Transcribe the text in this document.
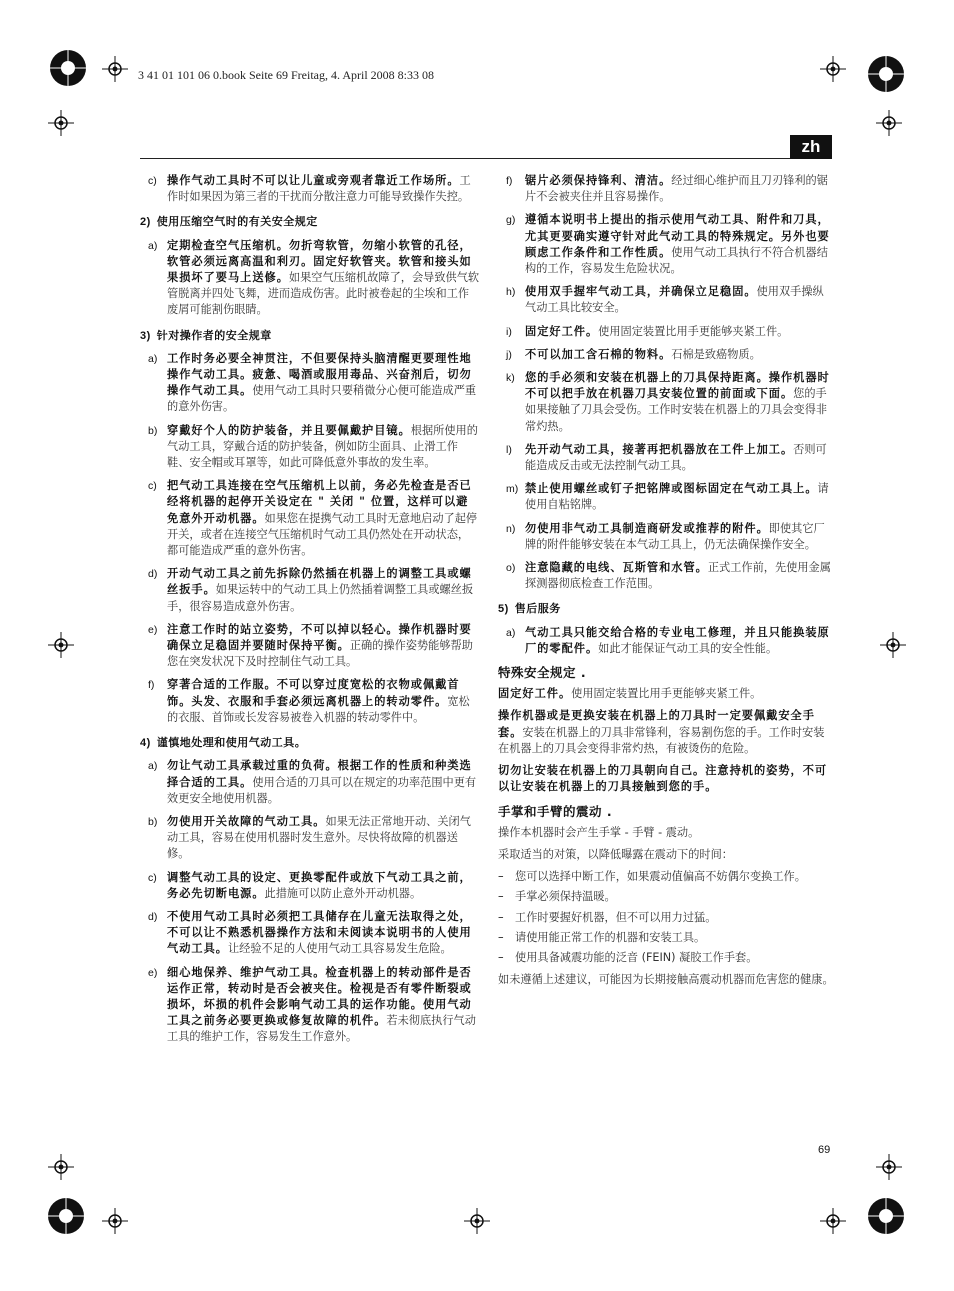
3 41 01 101 06 0.book Seite 69 Freitag, 4. April 2008 8:33 08
zh
69
c) 操作气动工具时不可以让儿童或旁观者靠近工作场所。工作时如果因为第三者的干扰而分散注意力可能导致操作失控。
2) 使用压缩空气时的有关安全规定
a) 定期检查空气压缩机。勿折弯软管，勿缩小软管的孔径，软管必须远离高温和利刃。固定好软管夹。软管和接头如果损坏了要马上送修。如果空气压缩机故障了，会导致供气软管脱离并四处飞舞，进而造成伤害。此时被卷起的尘埃和工作废屑可能割伤眼睛。
3) 针对操作者的安全规章
a) 工作时务必要全神贯注，不但要保持头脑清醒更要理性地操作气动工具。疲惫、喝酒或服用毒品、兴奋剂后，切勿操作气动工具。使用气动工具时只要稍微分心便可能造成严重的意外伤害。
b) 穿戴好个人的防护装备，并且要佩戴护目镜。根据所使用的气动工具，穿戴合适的防护装备，例如防尘面具、止滑工作鞋、安全帽或耳罩等，如此可降低意外事故的发生率。
c) 把气动工具连接在空气压缩机上以前，务必先检查是否已经将机器的起停开关设定在 " 关闭 " 位置，这样可以避免意外开动机器。如果您在提携气动工具时无意地启动了起停开关，或者在连接空气压缩机时气动工具仍然处在开动状态，都可能造成严重的意外伤害。
d) 开动气动工具之前先拆除仍然插在机器上的调整工具或螺丝扳手。如果运转中的气动工具上仍然插着调整工具或螺丝扳手，很容易造成意外伤害。
e) 注意工作时的站立姿势，不可以掉以轻心。操作机器时要确保立足稳固并要随时保持平衡。正确的操作姿势能够帮助您在突发状况下及时控制住气动工具。
f) 穿著合适的工作服。不可以穿过度宽松的衣物或佩戴首饰。头发、衣服和手套必须远离机器上的转动零件。宽松的衣服、首饰或长发容易被卷入机器的转动零件中。
4) 谨慎地处理和使用气动工具。
a) 勿让气动工具承载过重的负荷。根据工作的性质和种类选择合适的工具。使用合适的刀具可以在规定的功率范围中更有效更安全地使用机器。
b) 勿使用开关故障的气动工具。如果无法正常地开动、关闭气动工具，容易在使用机器时发生意外。尽快将故障的机器送修。
c) 调整气动工具的设定、更换零配件或放下气动工具之前，务必先切断电源。此措施可以防止意外开动机器。
d) 不使用气动工具时必须把工具储存在儿童无法取得之处，不可以让不熟悉机器操作方法和未阅读本说明书的人使用气动工具。让经验不足的人使用气动工具容易发生危险。
e) 细心地保养、维护气动工具。检查机器上的转动部件是否运作正常，转动时是否会被夹住。检视是否有零件断裂或损坏，坏损的机件会影响气动工具的运作功能。使用气动工具之前务必要更换或修复故障的机件。若未彻底执行气动工具的维护工作，容易发生工作意外。
f) 锯片必须保持锋利、清洁。经过细心维护而且刀刃锋利的锯片不会被夹住并且容易操作。
g) 遵循本说明书上提出的指示使用气动工具、附件和刀具，尤其更要确实遵守针对此气动工具的特殊规定。另外也要顾虑工作条件和工作性质。使用气动工具执行不符合机器结构的工作，容易发生危险状况。
h) 使用双手握牢气动工具，并确保立足稳固。使用双手操纵气动工具比较安全。
i) 固定好工件。使用固定装置比用手更能够夹紧工件。
j) 不可以加工含石棉的物料。石棉是致癌物质。
k) 您的手必须和安装在机器上的刀具保持距离。操作机器时不可以把手放在机器刀具安装位置的前面或下面。您的手如果接触了刀具会受伤。工作时安装在机器上的刀具会变得非常灼热。
l) 先开动气动工具，接著再把机器放在工件上加工。否则可能造成反击或无法控制气动工具。
m) 禁止使用螺丝或钉子把铭牌或图标固定在气动工具上。请使用自粘铭牌。
n) 勿使用非气动工具制造商研发或推荐的附件。即使其它厂牌的附件能够安装在本气动工具上，仍无法确保操作安全。
o) 注意隐藏的电线、瓦斯管和水管。正式工作前，先使用金属探测器彻底检查工作范围。
5) 售后服务
a) 气动工具只能交给合格的专业电工修理，并且只能换装原厂的零配件。如此才能保证气动工具的安全性能。
特殊安全规定 .
固定好工件。使用固定装置比用手更能够夹紧工件。
操作机器或是更换安装在机器上的刀具时一定要佩戴安全手套。安装在机器上的刀具非常锋利，容易割伤您的手。工作时安装在机器上的刀具会变得非常灼热，有被烫伤的危险。
切勿让安装在机器上的刀具朝向自己。注意持机的姿势，不可以让安装在机器上的刀具接触到您的手。
手掌和手臂的震动 .
操作本机器时会产生手掌 - 手臂 - 震动。
采取适当的对策，以降低曝露在震动下的时间：
– 您可以选择中断工作，如果震动值偏高不妨偶尔变换工作。
– 手掌必须保持温暖。
– 工作时要握好机器，但不可以用力过猛。
– 请使用能正常工作的机器和安装工具。
– 使用具备减震功能的泛音 (FEIN) 凝胶工作手套。
如未遵循上述建议，可能因为长期接触高震动机器而危害您的健康。
